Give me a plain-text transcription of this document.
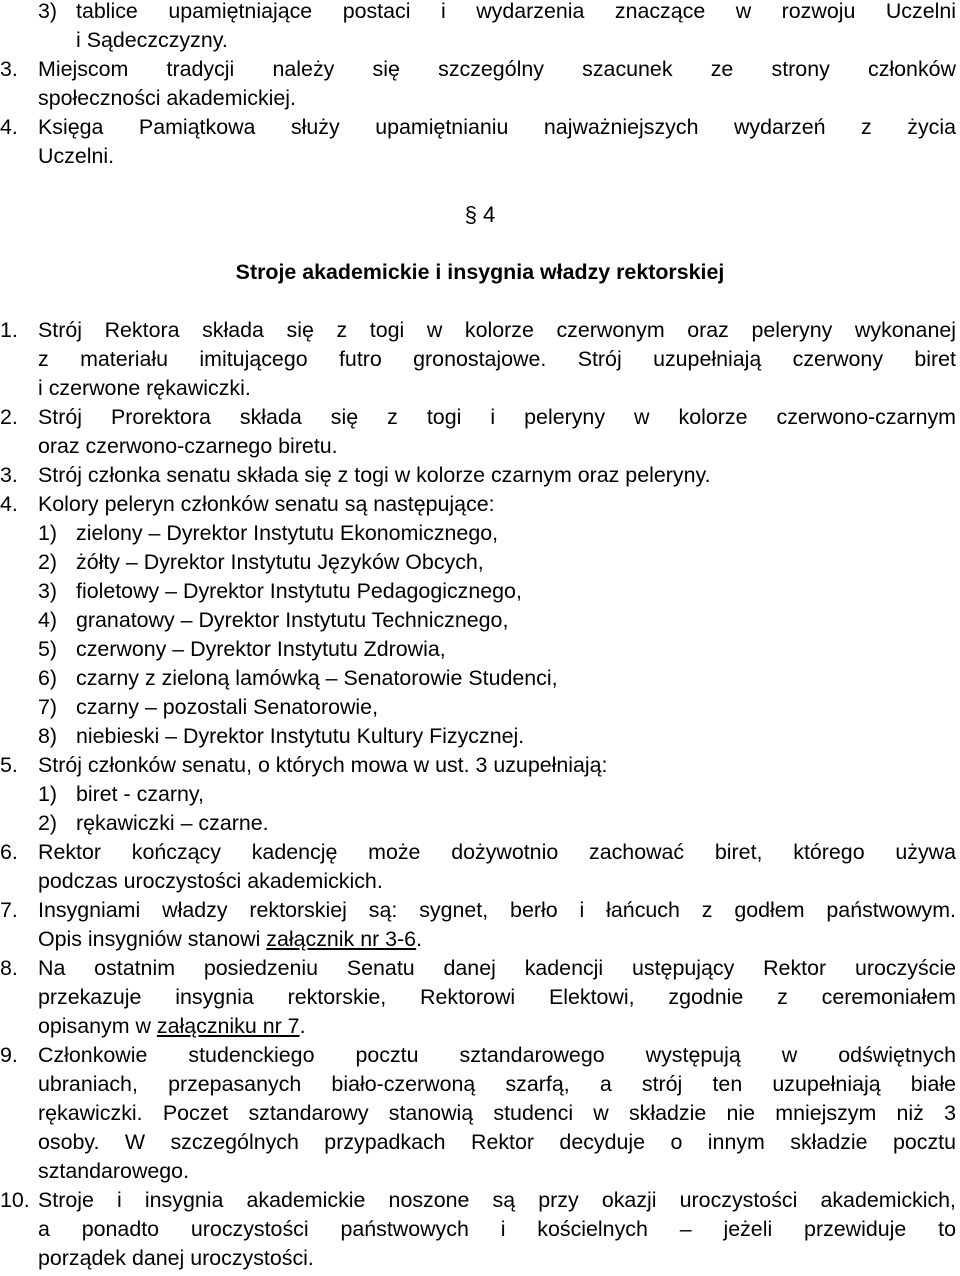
3) tablice upamiętniające postaci i wydarzenia znaczące w rozwoju Uczelni
i Sądeczczyzny.
3. Miejscom tradycji należy się szczególny szacunek ze strony członków
społeczności akademickiej.
4. Księga Pamiątkowa służy upamiętnianiu najważniejszych wydarzeń z życia
Uczelni.
§ 4
Stroje akademickie i insygnia władzy rektorskiej
1. Strój Rektora składa się z togi w kolorze czerwonym oraz peleryny wykonanej
z materiału imitującego futro gronostajowe. Strój uzupełniają czerwony biret
i czerwone rękawiczki.
2. Strój Prorektora składa się z togi i peleryny w kolorze czerwono-czarnym
oraz czerwono-czarnego biretu.
3. Strój członka senatu składa się z togi w kolorze czarnym oraz peleryny.
4. Kolory peleryn członków senatu są następujące:
1) zielony – Dyrektor Instytutu Ekonomicznego,
2) żółty – Dyrektor Instytutu Języków Obcych,
3) fioletowy – Dyrektor Instytutu Pedagogicznego,
4) granatowy – Dyrektor Instytutu Technicznego,
5) czerwony – Dyrektor Instytutu Zdrowia,
6) czarny z zieloną lamówką – Senatorowie Studenci,
7) czarny – pozostali Senatorowie,
8) niebieski – Dyrektor Instytutu Kultury Fizycznej.
5. Strój członków senatu, o których mowa w ust. 3 uzupełniają:
1) biret - czarny,
2) rękawiczki – czarne.
6. Rektor kończący kadencję może dożywotnio zachować biret, którego używa
podczas uroczystości akademickich.
7. Insygniami władzy rektorskiej są: sygnet, berło i łańcuch z godłem państwowym.
Opis insygniów stanowi załącznik nr 3-6.
8. Na ostatnim posiedzeniu Senatu danej kadencji ustępujący Rektor uroczyście
przekazuje insygnia rektorskie, Rektorowi Elektowi, zgodnie z ceremoniałem
opisanym w załączniku nr 7.
9. Członkowie studenckiego pocztu sztandarowego występują w odświętnych
ubraniach, przepasanych biało-czerwoną szarfą, a strój ten uzupełniają białe
rękawiczki. Poczet sztandarowy stanowią studenci w składzie nie mniejszym niż 3
osoby. W szczególnych przypadkach Rektor decyduje o innym składzie pocztu
sztandarowego.
10. Stroje i insygnia akademickie noszone są przy okazji uroczystości akademickich,
a ponadto uroczystości państwowych i kościelnych – jeżeli przewiduje to
porządek danej uroczystości.
